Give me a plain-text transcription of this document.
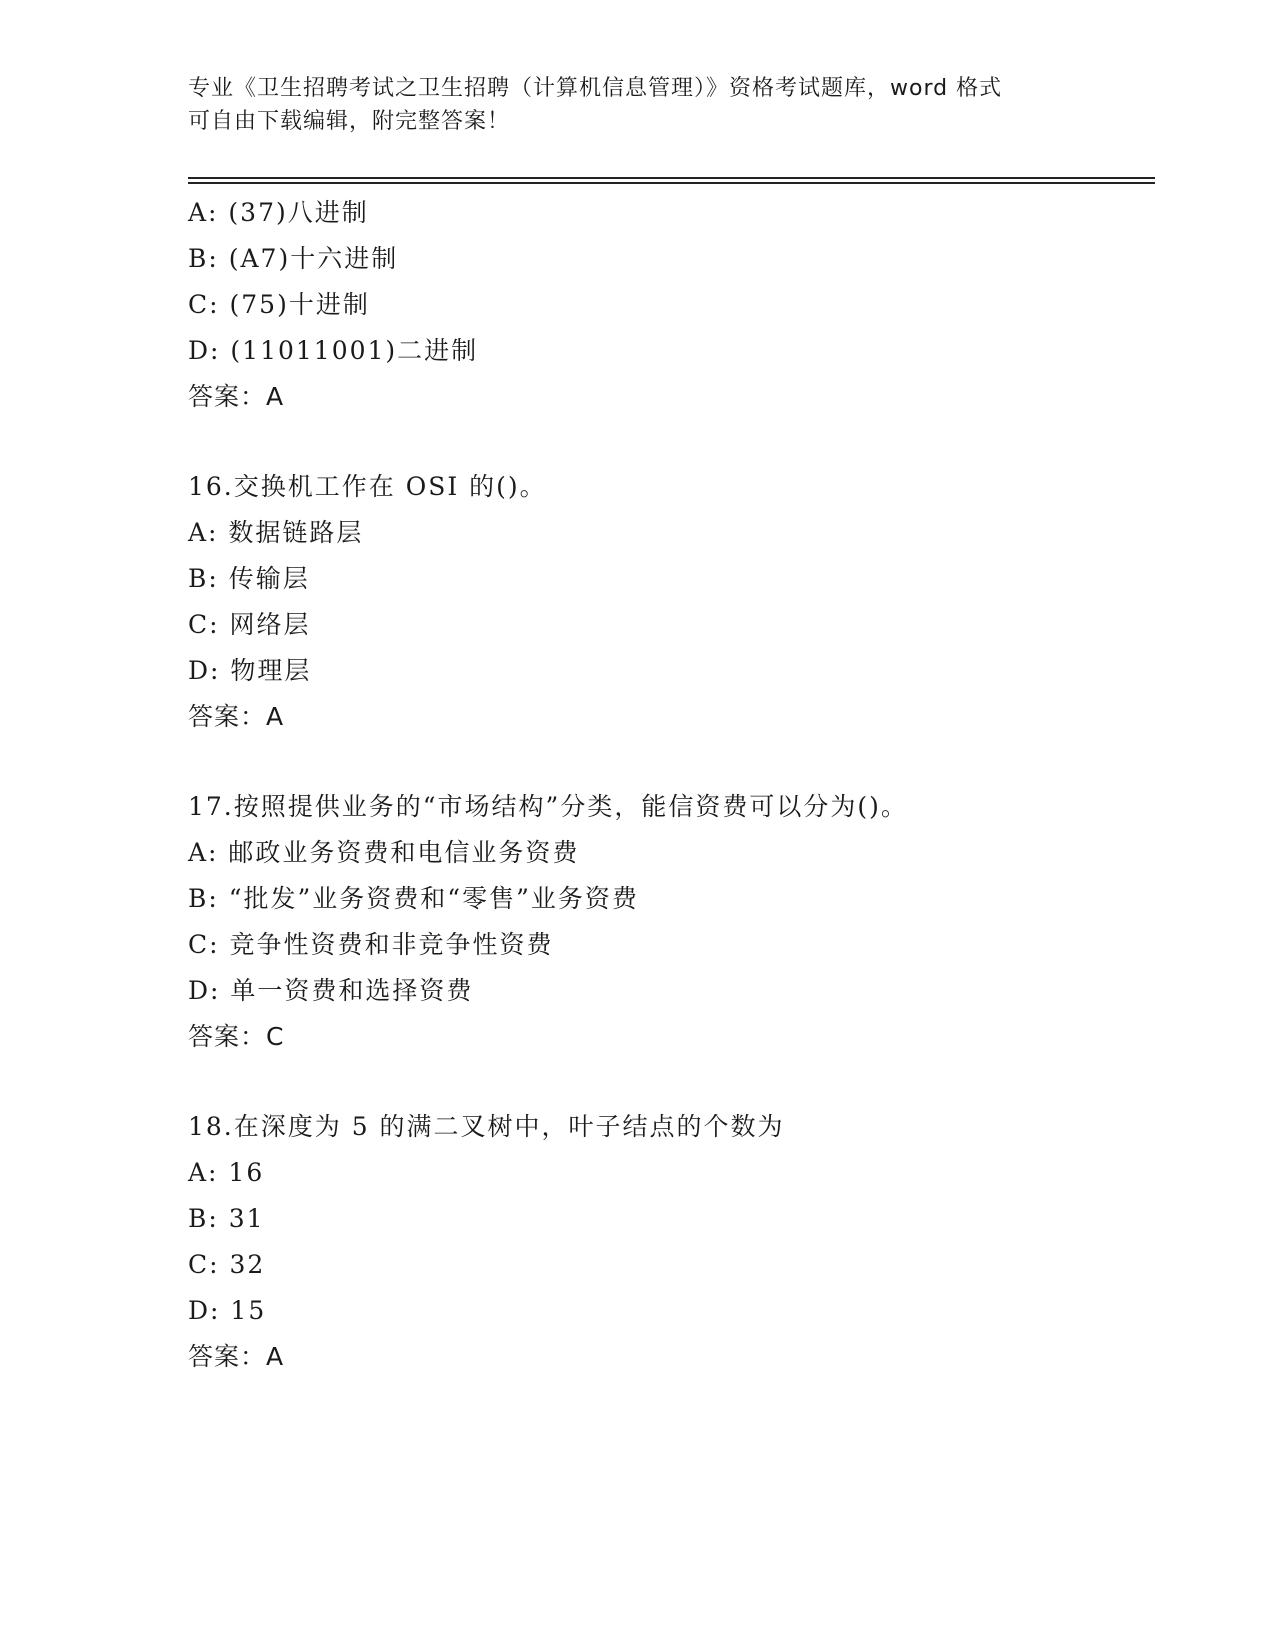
专业《卫生招聘考试之卫生招聘（计算机信息管理）》资格考试题库，word 格式
可自由下载编辑，附完整答案！
A: (37)八进制
B: (A7)十六进制
C: (75)十进制
D: (11011001)二进制
答案：A
16.交换机工作在 OSI 的()。
A: 数据链路层
B: 传输层
C: 网络层
D: 物理层
答案：A
17.按照提供业务的“市场结构”分类，能信资费可以分为()。
A: 邮政业务资费和电信业务资费
B: “批发”业务资费和“零售”业务资费
C: 竞争性资费和非竞争性资费
D: 单一资费和选择资费
答案：C
18.在深度为 5 的满二叉树中，叶子结点的个数为
A: 16
B: 31
C: 32
D: 15
答案：A
